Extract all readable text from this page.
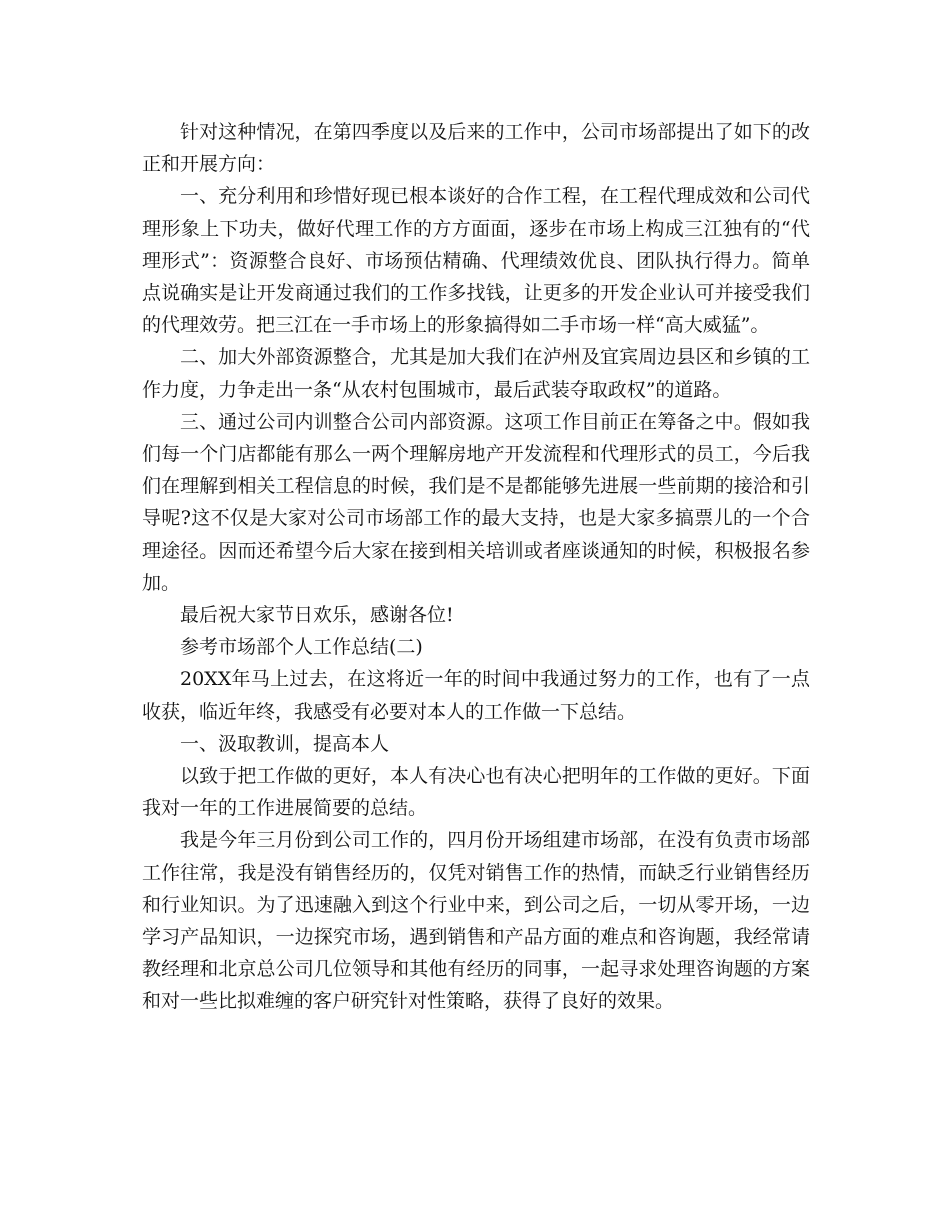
针对这种情况，在第四季度以及后来的工作中，公司市场部提出了如下的改正和开展方向：

一、充分利用和珍惜好现已根本谈好的合作工程，在工程代理成效和公司代理形象上下功夫，做好代理工作的方方面面，逐步在市场上构成三江独有的“代理形式”：资源整合良好、市场预估精确、代理绩效优良、团队执行得力。简单点说确实是让开发商通过我们的工作多找钱，让更多的开发企业认可并接受我们的代理效劳。把三江在一手市场上的形象搞得如二手市场一样“高大威猛”。

二、加大外部资源整合，尤其是加大我们在泸州及宜宾周边县区和乡镇的工作力度，力争走出一条“从农村包围城市，最后武装夺取政权”的道路。

三、通过公司内训整合公司内部资源。这项工作目前正在筹备之中。假如我们每一个门店都能有那么一两个理解房地产开发流程和代理形式的员工，今后我们在理解到相关工程信息的时候，我们是不是都能够先进展一些前期的接洽和引导呢?这不仅是大家对公司市场部工作的最大支持，也是大家多搞票儿的一个合理途径。因而还希望今后大家在接到相关培训或者座谈通知的时候，积极报名参加。

最后祝大家节日欢乐，感谢各位!

参考市场部个人工作总结(二)

20XX年马上过去，在这将近一年的时间中我通过努力的工作，也有了一点收获，临近年终，我感受有必要对本人的工作做一下总结。

一、汲取教训，提高本人

以致于把工作做的更好，本人有决心也有决心把明年的工作做的更好。下面我对一年的工作进展简要的总结。

我是今年三月份到公司工作的，四月份开场组建市场部，在没有负责市场部工作往常，我是没有销售经历的，仅凭对销售工作的热情，而缺乏行业销售经历和行业知识。为了迅速融入到这个行业中来，到公司之后，一切从零开场，一边学习产品知识，一边探究市场，遇到销售和产品方面的难点和咨询题，我经常请教经理和北京总公司几位领导和其他有经历的同事，一起寻求处理咨询题的方案和对一些比拟难缠的客户研究针对性策略，获得了良好的效果。
